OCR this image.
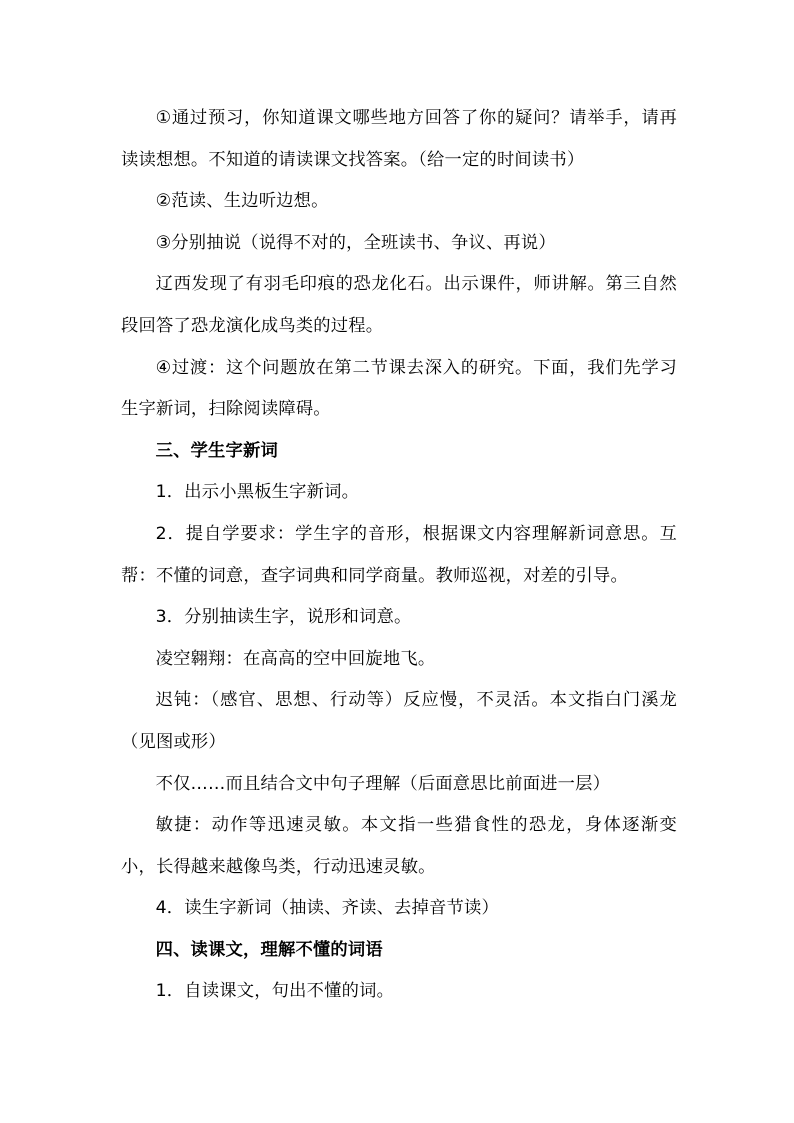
①通过预习，你知道课文哪些地方回答了你的疑问？请举手，请再读读想想。不知道的请读课文找答案。（给一定的时间读书）

②范读、生边听边想。

③分别抽说（说得不对的，全班读书、争议、再说）

辽西发现了有羽毛印痕的恐龙化石。出示课件，师讲解。第三自然段回答了恐龙演化成鸟类的过程。

④过渡：这个问题放在第二节课去深入的研究。下面，我们先学习生字新词，扫除阅读障碍。

三、学生字新词

1．出示小黑板生字新词。

2．提自学要求：学生字的音形，根据课文内容理解新词意思。互帮：不懂的词意，查字词典和同学商量。教师巡视，对差的引导。

3．分别抽读生字，说形和词意。

凌空翱翔：在高高的空中回旋地飞。

迟钝：（感官、思想、行动等）反应慢，不灵活。本文指白门溪龙（见图或形）

不仅……而且结合文中句子理解（后面意思比前面进一层）

敏捷：动作等迅速灵敏。本文指一些猎食性的恐龙，身体逐渐变小，长得越来越像鸟类，行动迅速灵敏。

4．读生字新词（抽读、齐读、去掉音节读）

四、读课文，理解不懂的词语

1．自读课文，句出不懂的词。
